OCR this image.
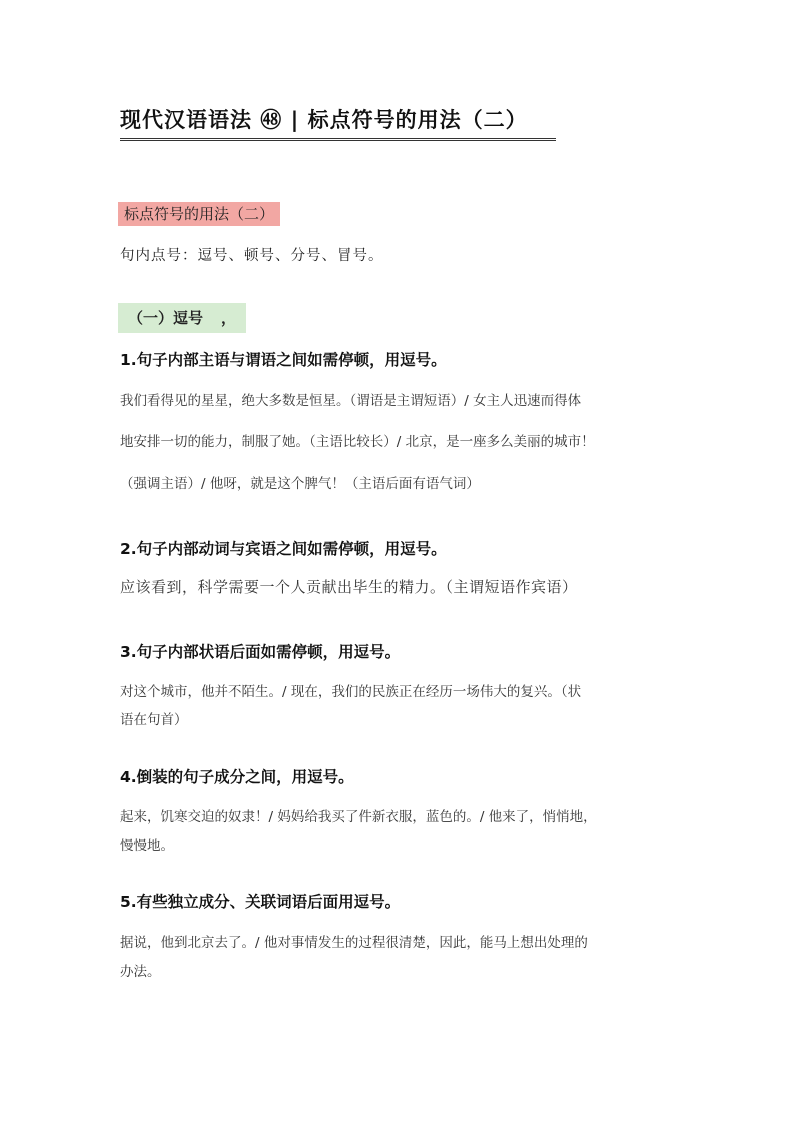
现代汉语语法 ㊽ | 标点符号的用法（二）
标点符号的用法（二）
句内点号：逗号、顿号、分号、冒号。
（一）逗号 ，
1.句子内部主语与谓语之间如需停顿，用逗号。
我们看得见的星星，绝大多数是恒星。（谓语是主谓短语）/ 女主人迅速而得体
地安排一切的能力，制服了她。（主语比较长）/ 北京，是一座多么美丽的城市！
（强调主语）/ 他呀，就是这个脾气！（主语后面有语气词）
2.句子内部动词与宾语之间如需停顿，用逗号。
应该看到，科学需要一个人贡献出毕生的精力。（主谓短语作宾语）
3.句子内部状语后面如需停顿，用逗号。
对这个城市，他并不陌生。/ 现在，我们的民族正在经历一场伟大的复兴。（状
语在句首）
4.倒装的句子成分之间，用逗号。
起来，饥寒交迫的奴隶！/ 妈妈给我买了件新衣服，蓝色的。/ 他来了，悄悄地，
慢慢地。
5.有些独立成分、关联词语后面用逗号。
据说，他到北京去了。/ 他对事情发生的过程很清楚，因此，能马上想出处理的
办法。
